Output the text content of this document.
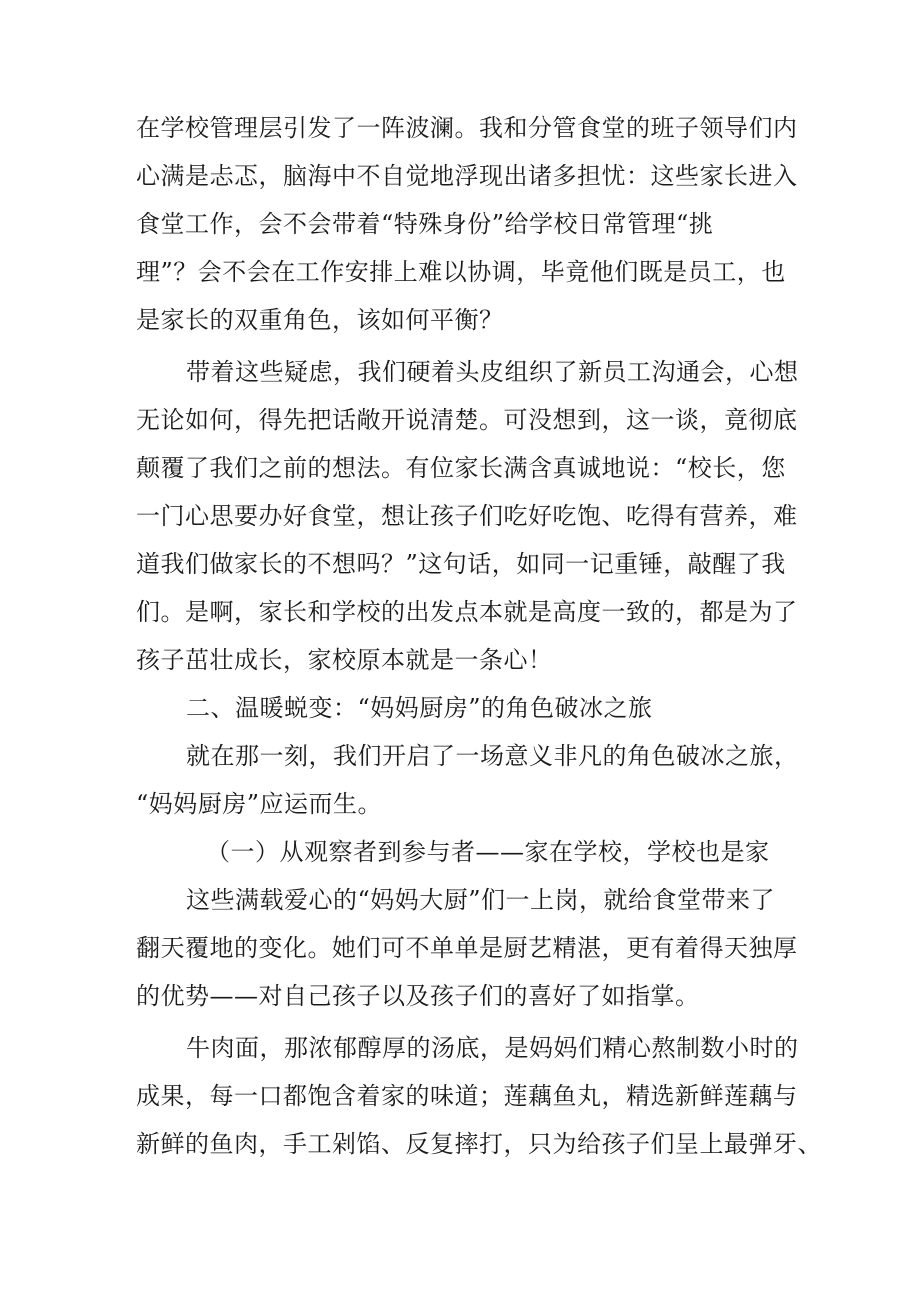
在学校管理层引发了一阵波澜。我和分管食堂的班子领导们内
心满是忐忑，脑海中不自觉地浮现出诸多担忧：这些家长进入
食堂工作，会不会带着“特殊身份”给学校日常管理“挑
理”？会不会在工作安排上难以协调，毕竟他们既是员工，也
是家长的双重角色，该如何平衡？
带着这些疑虑，我们硬着头皮组织了新员工沟通会，心想
无论如何，得先把话敞开说清楚。可没想到，这一谈，竟彻底
颠覆了我们之前的想法。有位家长满含真诚地说：“校长，您
一门心思要办好食堂，想让孩子们吃好吃饱、吃得有营养，难
道我们做家长的不想吗？”这句话，如同一记重锤，敲醒了我
们。是啊，家长和学校的出发点本就是高度一致的，都是为了
孩子茁壮成长，家校原本就是一条心！
二、温暖蜕变：“妈妈厨房”的角色破冰之旅
就在那一刻，我们开启了一场意义非凡的角色破冰之旅，
“妈妈厨房”应运而生。
（一）从观察者到参与者——家在学校，学校也是家
这些满载爱心的“妈妈大厨”们一上岗，就给食堂带来了
翻天覆地的变化。她们可不单单是厨艺精湛，更有着得天独厚
的优势——对自己孩子以及孩子们的喜好了如指掌。
牛肉面，那浓郁醇厚的汤底，是妈妈们精心熬制数小时的
成果，每一口都饱含着家的味道；莲藕鱼丸，精选新鲜莲藕与
新鲜的鱼肉，手工剁馅、反复摔打，只为给孩子们呈上最弹牙、
